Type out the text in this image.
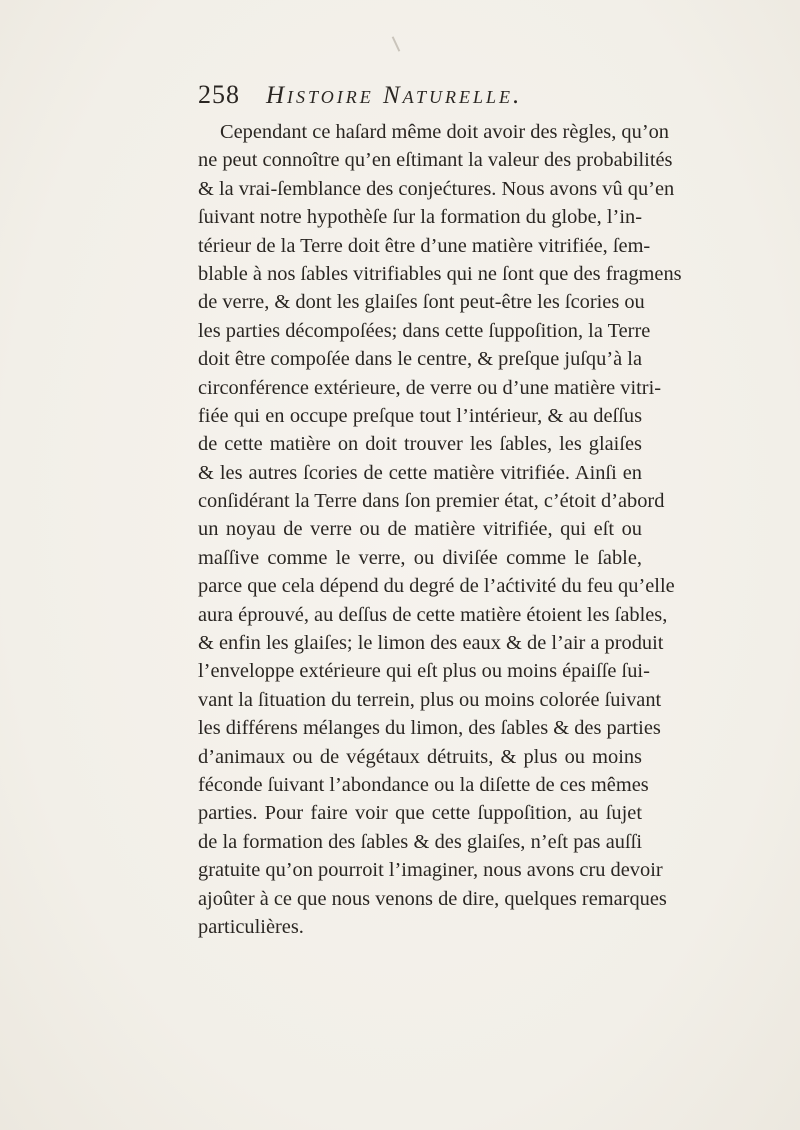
258 Histoire Naturelle.
Cependant ce haſard même doit avoir des règles, qu’on
ne peut connoître qu’en eſtimant la valeur des probabilités
& la vrai-ſemblance des conjećtures. Nous avons vû qu’en
ſuivant notre hypothèſe ſur la formation du globe, l’in-
térieur de la Terre doit être d’une matière vitrifiée, ſem-
blable à nos ſables vitrifiables qui ne ſont que des fragmens
de verre, & dont les glaiſes ſont peut-être les ſcories ou
les parties décompoſées; dans cette ſuppoſition, la Terre
doit être compoſée dans le centre, & preſque juſqu’à la
circonférence extérieure, de verre ou d’une matière vitri-
fiée qui en occupe preſque tout l’intérieur, & au deſſus
de cette matière on doit trouver les ſables, les glaiſes
& les autres ſcories de cette matière vitrifiée. Ainſi en
conſidérant la Terre dans ſon premier état, c’étoit d’abord
un noyau de verre ou de matière vitrifiée, qui eſt ou
maſſive comme le verre, ou diviſée comme le ſable,
parce que cela dépend du degré de l’aćtivité du feu qu’elle
aura éprouvé, au deſſus de cette matière étoient les ſables,
& enfin les glaiſes; le limon des eaux & de l’air a produit
l’enveloppe extérieure qui eſt plus ou moins épaiſſe ſui-
vant la ſituation du terrein, plus ou moins colorée ſuivant
les différens mélanges du limon, des ſables & des parties
d’animaux ou de végétaux détruits, & plus ou moins
féconde ſuivant l’abondance ou la diſette de ces mêmes
parties. Pour faire voir que cette ſuppoſition, au ſujet
de la formation des ſables & des glaiſes, n’eſt pas auſſi
gratuite qu’on pourroit l’imaginer, nous avons cru devoir
ajoûter à ce que nous venons de dire, quelques remarques
particulières.
